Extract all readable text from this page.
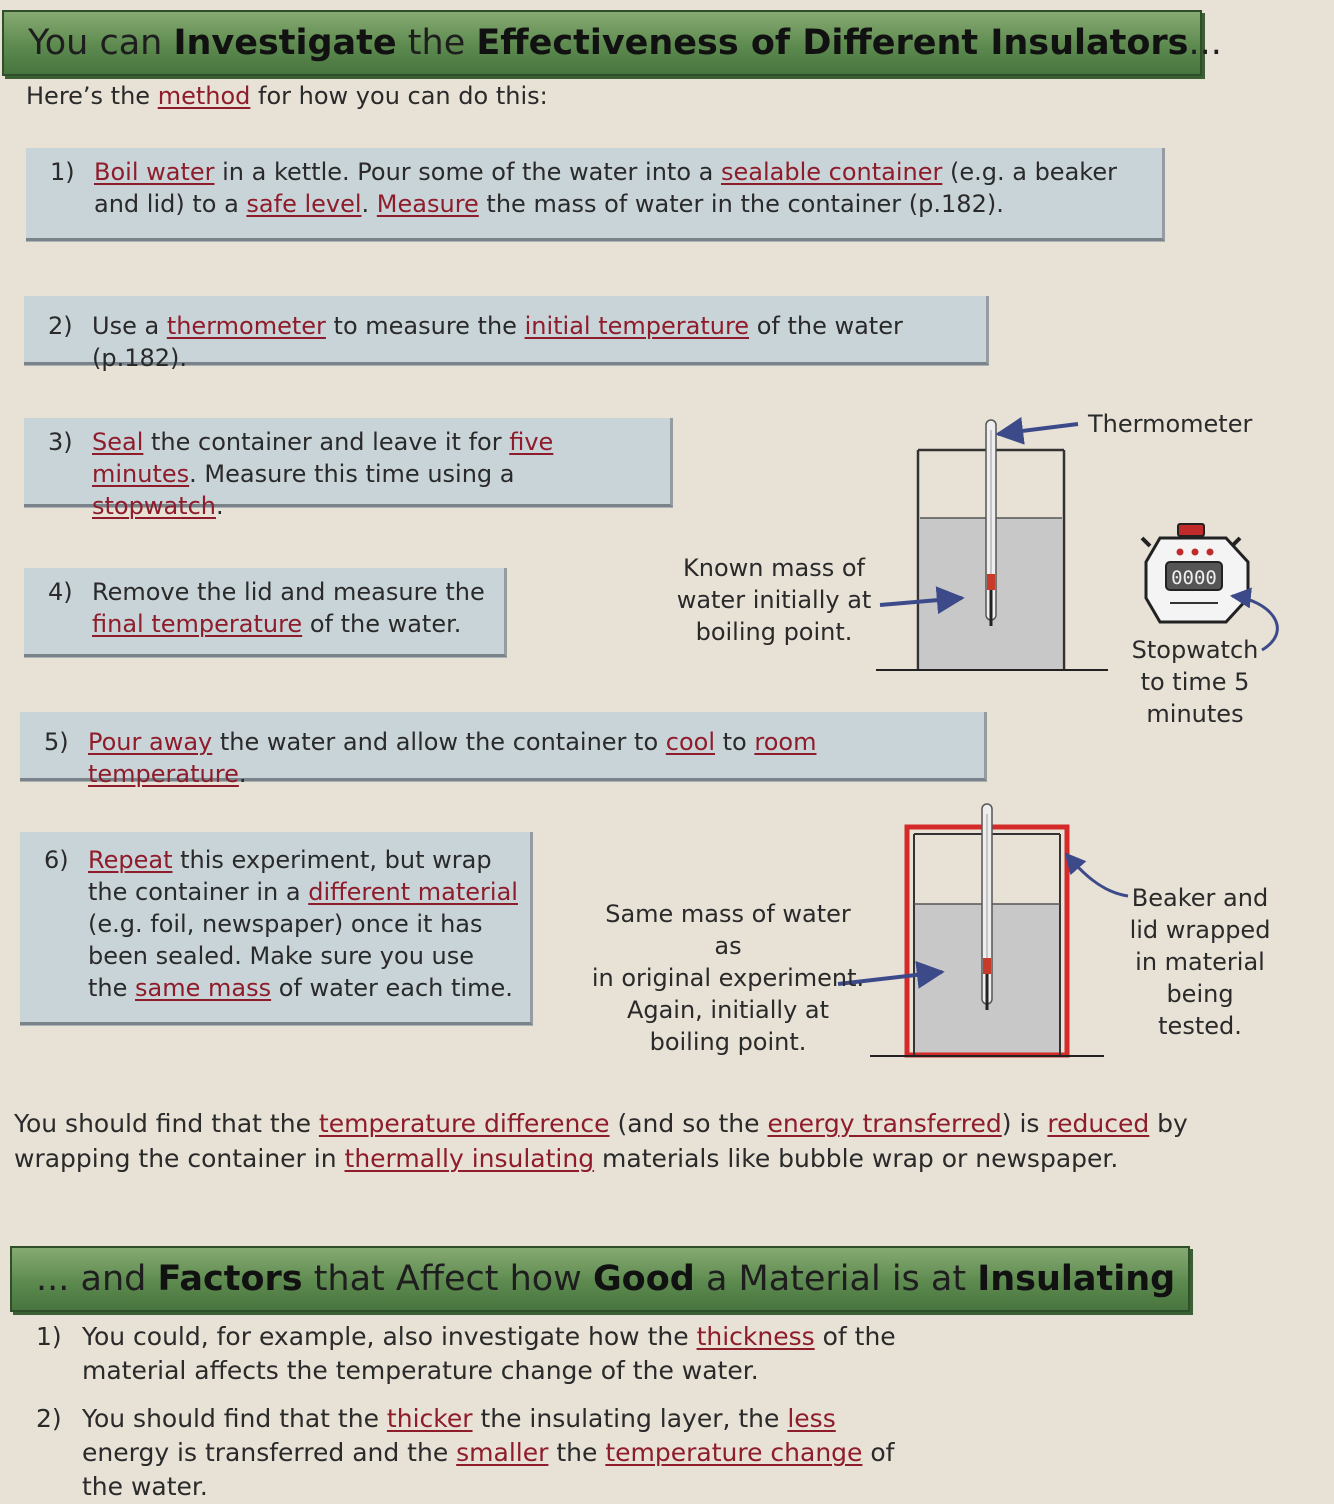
You can Investigate the Effectiveness of Different Insulators...
Here’s the method for how you can do this:
1) Boil water in a kettle. Pour some of the water into a sealable container (e.g. a beaker and lid) to a safe level. Measure the mass of water in the container (p.182).
2) Use a thermometer to measure the initial temperature of the water (p.182).
3) Seal the container and leave it for five minutes. Measure this time using a stopwatch.
4) Remove the lid and measure the final temperature of the water.
5) Pour away the water and allow the container to cool to room temperature.
6) Repeat this experiment, but wrap the container in a different material (e.g. foil, newspaper) once it has been sealed. Make sure you use the same mass of water each time.
0000
Thermometer
Known mass of
water initially at
boiling point.
Stopwatch
to time 5
minutes
Same mass of water as
in original experiment.
Again, initially at
boiling point.
Beaker and
lid wrapped
in material
being tested.
You should find that the temperature difference (and so the energy transferred) is reduced by wrapping the container in thermally insulating materials like bubble wrap or newspaper.
... and Factors that Affect how Good a Material is at Insulating
1) You could, for example, also investigate how the thickness of the material affects the temperature change of the water.
2) You should find that the thicker the insulating layer, the less energy is transferred and the smaller the temperature change of the water.
